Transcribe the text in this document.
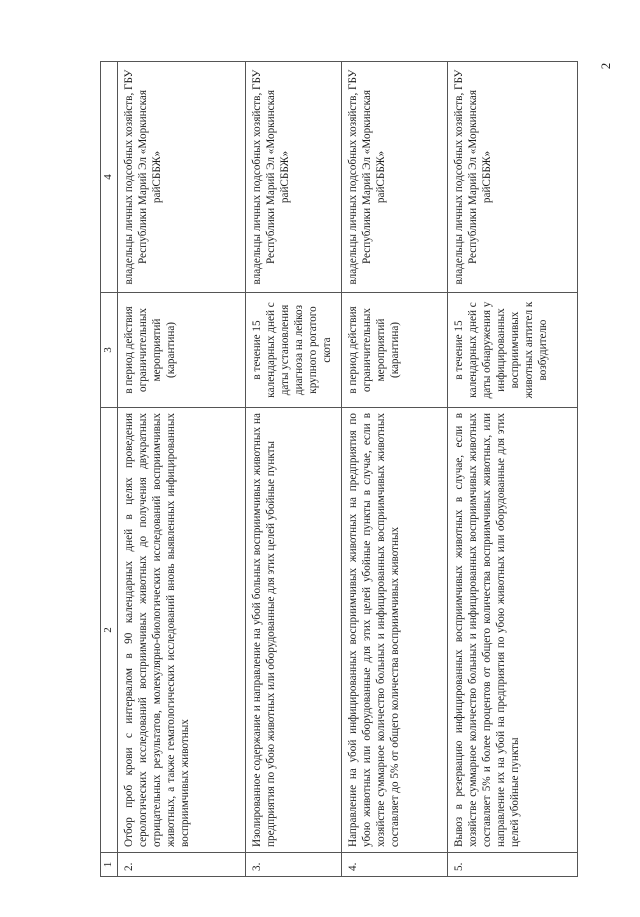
2
1	2	3	4
2.	Отбор проб крови с интервалом в 90 календарных дней в целях проведения серологических исследований восприимчивых животных до получения двукратных отрицательных результатов, молекулярно-биологических исследований восприимчивых животных, а также гематологических исследований вновь выявленных инфицированных восприимчивых животных	в период действия ограничительных мероприятий (карантина)	владельцы личных подсобных хозяйств, ГБУ Республики Марий Эл «Моркинская райСББЖ»
3.	Изолированное содержание и направление на убой больных восприимчивых животных на предприятия по убою животных или оборудованные для этих целей убойные пункты	в течение 15 календарных дней с даты установления диагноза на лейкоз крупного рогатого скота	владельцы личных подсобных хозяйств, ГБУ Республики Марий Эл «Моркинская райСББЖ»
4.	Направление на убой инфицированных восприимчивых животных на предприятия по убою животных или оборудованные для этих целей убойные пункты в случае, если в хозяйстве суммарное количество больных и инфицированных восприимчивых животных составляет до 5% от общего количества восприимчивых животных	в период действия ограничительных мероприятий (карантина)	владельцы личных подсобных хозяйств, ГБУ Республики Марий Эл «Моркинская райСББЖ»
5.	Вывоз в резервацию инфицированных восприимчивых животных в случае, если в хозяйстве суммарное количество больных и инфицированных восприимчивых животных составляет 5% и более процентов от общего количества восприимчивых животных, или направление их на убой на предприятия по убою животных или оборудованные для этих целей убойные пункты	в течение 15 календарных дней с даты обнаружения у инфицированных восприимчивых животных антител к возбудителю	владельцы личных подсобных хозяйств, ГБУ Республики Марий Эл «Моркинская райСББЖ»
